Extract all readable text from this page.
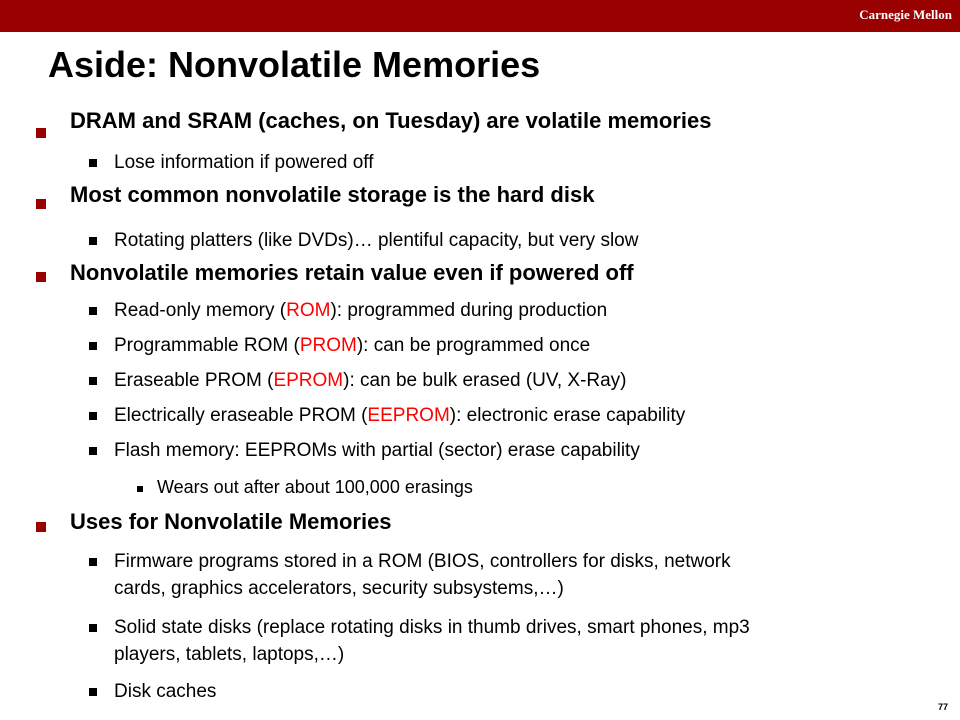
Carnegie Mellon
Aside: Nonvolatile Memories
DRAM and SRAM (caches, on Tuesday) are volatile memories
Lose information if powered off
Most common nonvolatile storage is the hard disk
Rotating platters (like DVDs)… plentiful capacity, but very slow
Nonvolatile memories retain value even if powered off
Read-only memory (ROM): programmed during production
Programmable ROM (PROM): can be programmed once
Eraseable PROM (EPROM): can be bulk erased (UV, X-Ray)
Electrically eraseable PROM (EEPROM): electronic erase capability
Flash memory: EEPROMs with partial (sector) erase capability
Wears out after about 100,000 erasings
Uses for Nonvolatile Memories
Firmware programs stored in a ROM (BIOS, controllers for disks, network
cards, graphics accelerators, security subsystems,…)
Solid state disks (replace rotating disks in thumb drives, smart phones, mp3
players, tablets, laptops,…)
Disk caches
77
